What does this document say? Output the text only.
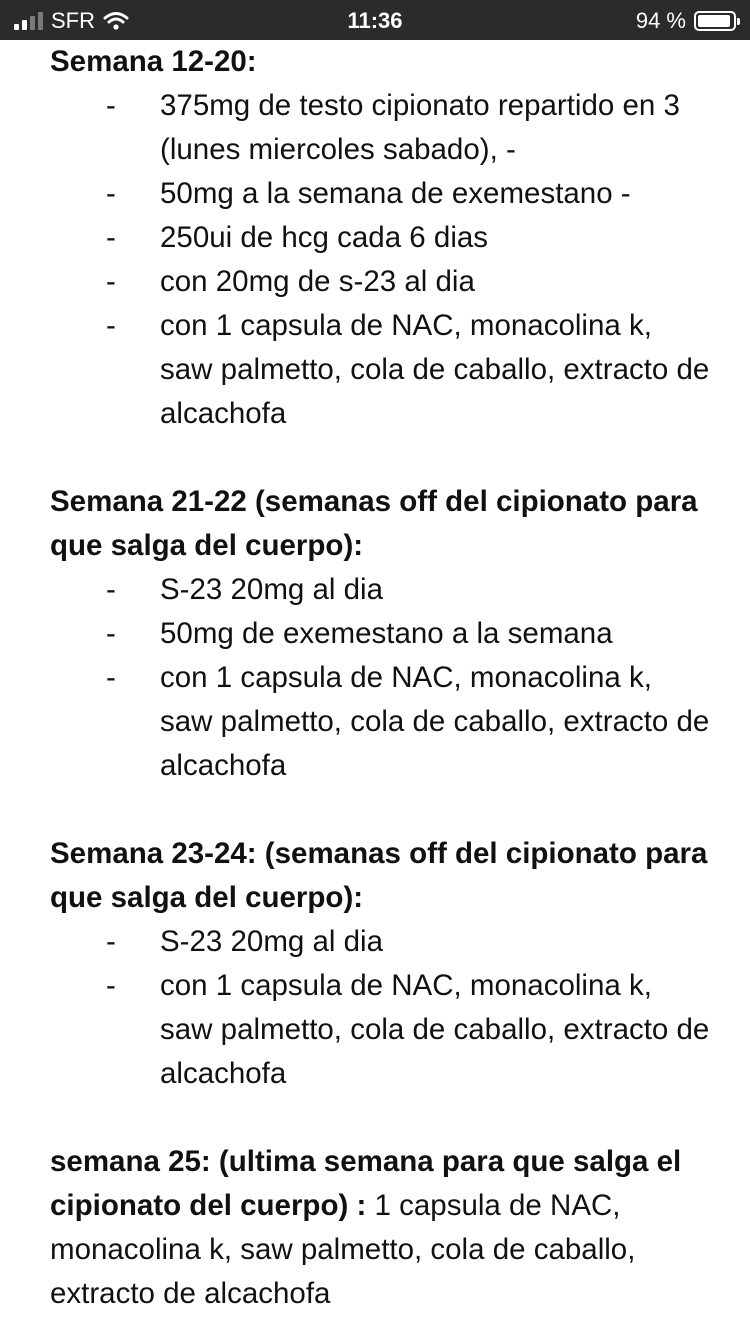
SFR	11:36	94 %

Semana 12-20:

- 375mg de testo cipionato repartido en 3 (lunes miercoles sabado), -
- 50mg a la semana de exemestano -
- 250ui de hcg cada 6 dias
- con 20mg de s-23 al dia
- con 1 capsula de NAC, monacolina k, saw palmetto, cola de caballo, extracto de alcachofa

Semana 21-22 (semanas off del cipionato para que salga del cuerpo):

- S-23 20mg al dia
- 50mg de exemestano a la semana
- con 1 capsula de NAC, monacolina k, saw palmetto, cola de caballo, extracto de alcachofa

Semana 23-24: (semanas off del cipionato para que salga del cuerpo):

- S-23 20mg al dia
- con 1 capsula de NAC, monacolina k, saw palmetto, cola de caballo, extracto de alcachofa

semana 25: (ultima semana para que salga el cipionato del cuerpo) : 1 capsula de NAC, monacolina k, saw palmetto, cola de caballo, extracto de alcachofa
